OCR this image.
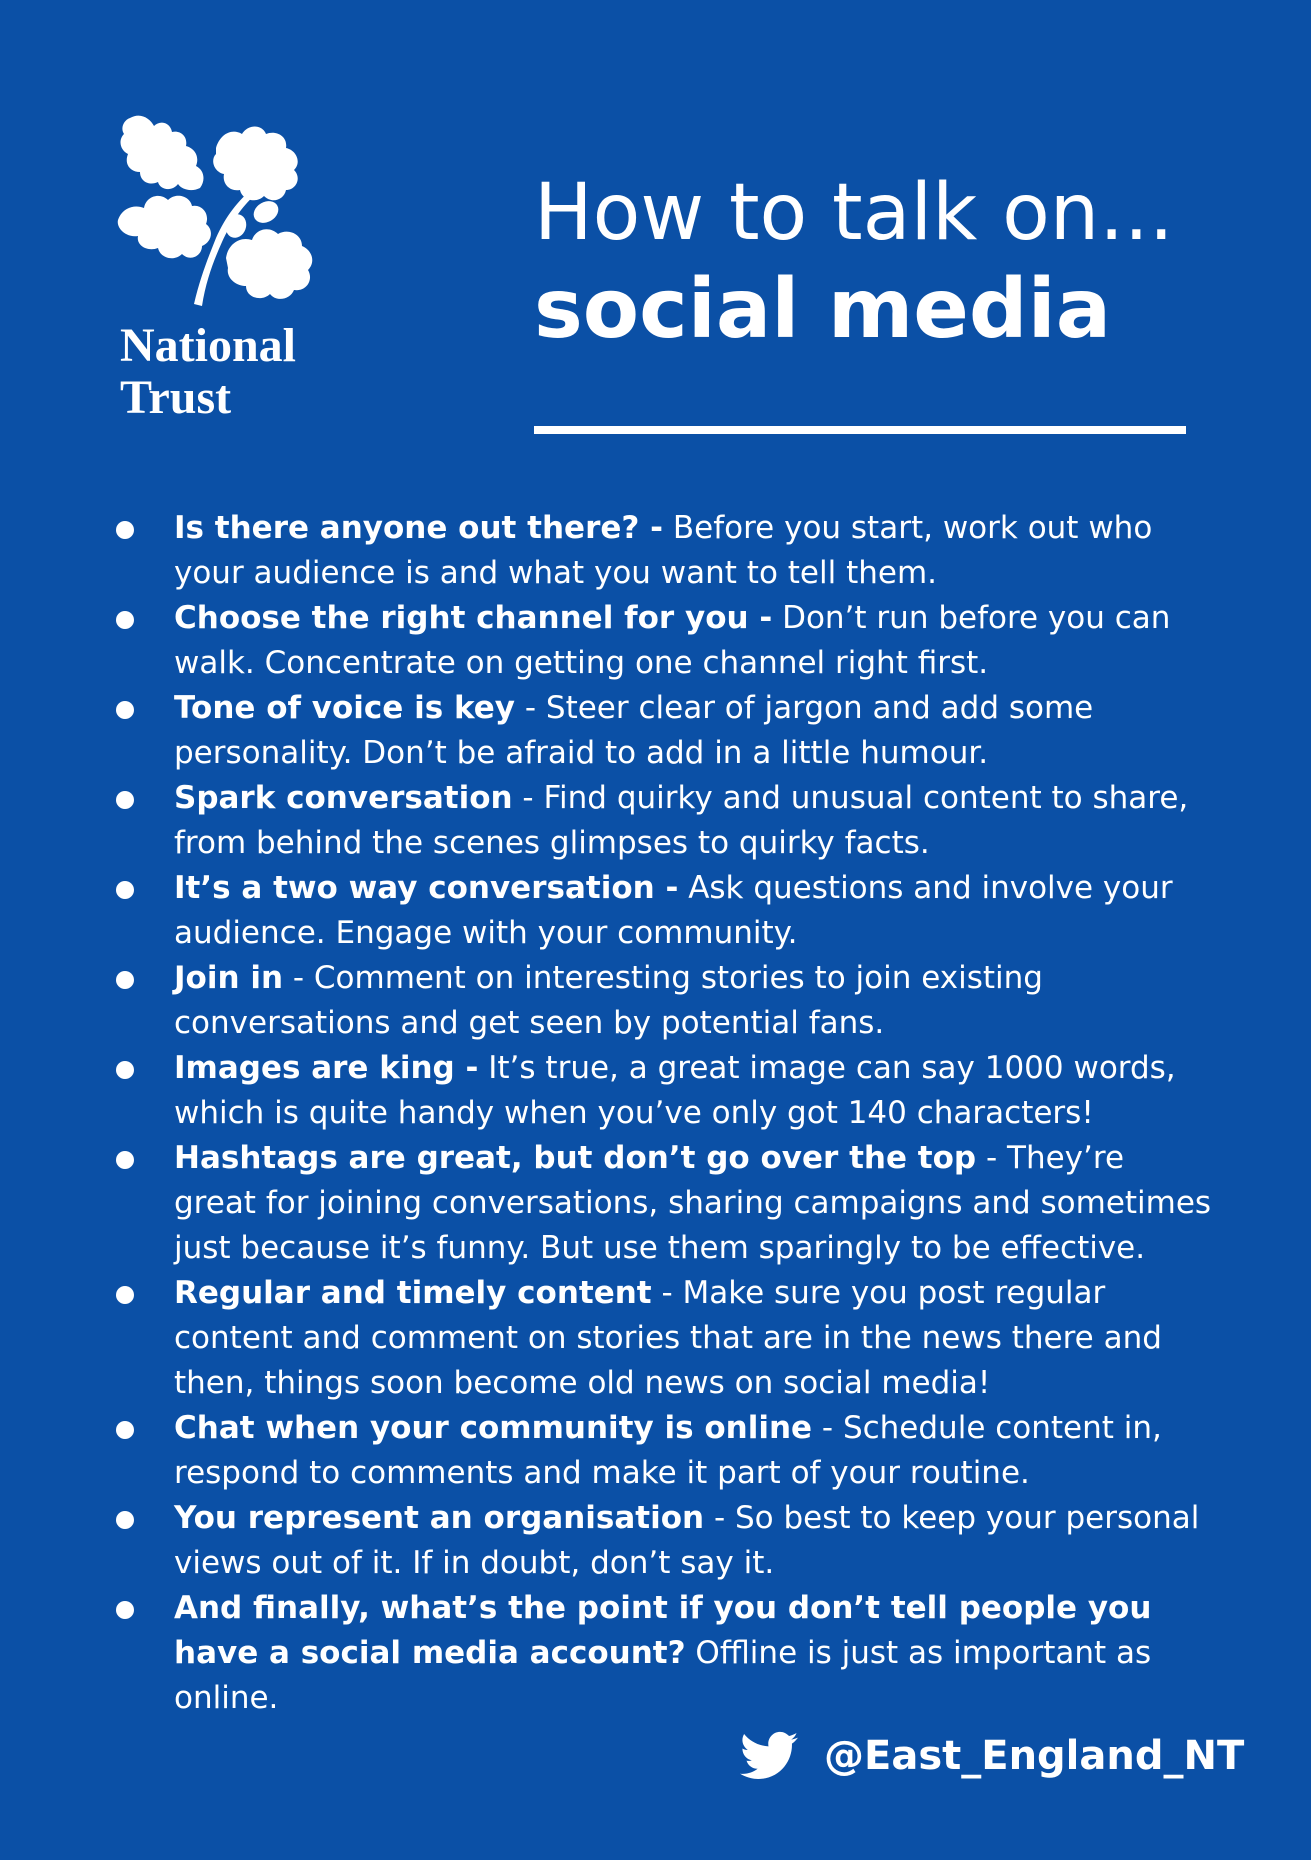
National
Trust
How to talk on...
social media
Is there anyone out there? - Before you start, work out who your audience is and what you want to tell them.
Choose the right channel for you - Don’t run before you can walk. Concentrate on getting one channel right first.
Tone of voice is key - Steer clear of jargon and add some personality. Don’t be afraid to add in a little humour.
Spark conversation - Find quirky and unusual content to share, from behind the scenes glimpses to quirky facts.
It’s a two way conversation - Ask questions and involve your audience. Engage with your community.
Join in - Comment on interesting stories to join existing conversations and get seen by potential fans.
Images are king - It’s true, a great image can say 1000 words, which is quite handy when you’ve only got 140 characters!
Hashtags are great, but don’t go over the top - They’re great for joining conversations, sharing campaigns and sometimes just because it’s funny. But use them sparingly to be effective.
Regular and timely content - Make sure you post regular content and comment on stories that are in the news there and then, things soon become old news on social media!
Chat when your community is online - Schedule content in, respond to comments and make it part of your routine.
You represent an organisation - So best to keep your personal views out of it. If in doubt, don’t say it.
And finally, what’s the point if you don’t tell people you have a social media account? Offline is just as important as online.
@East_England_NT
